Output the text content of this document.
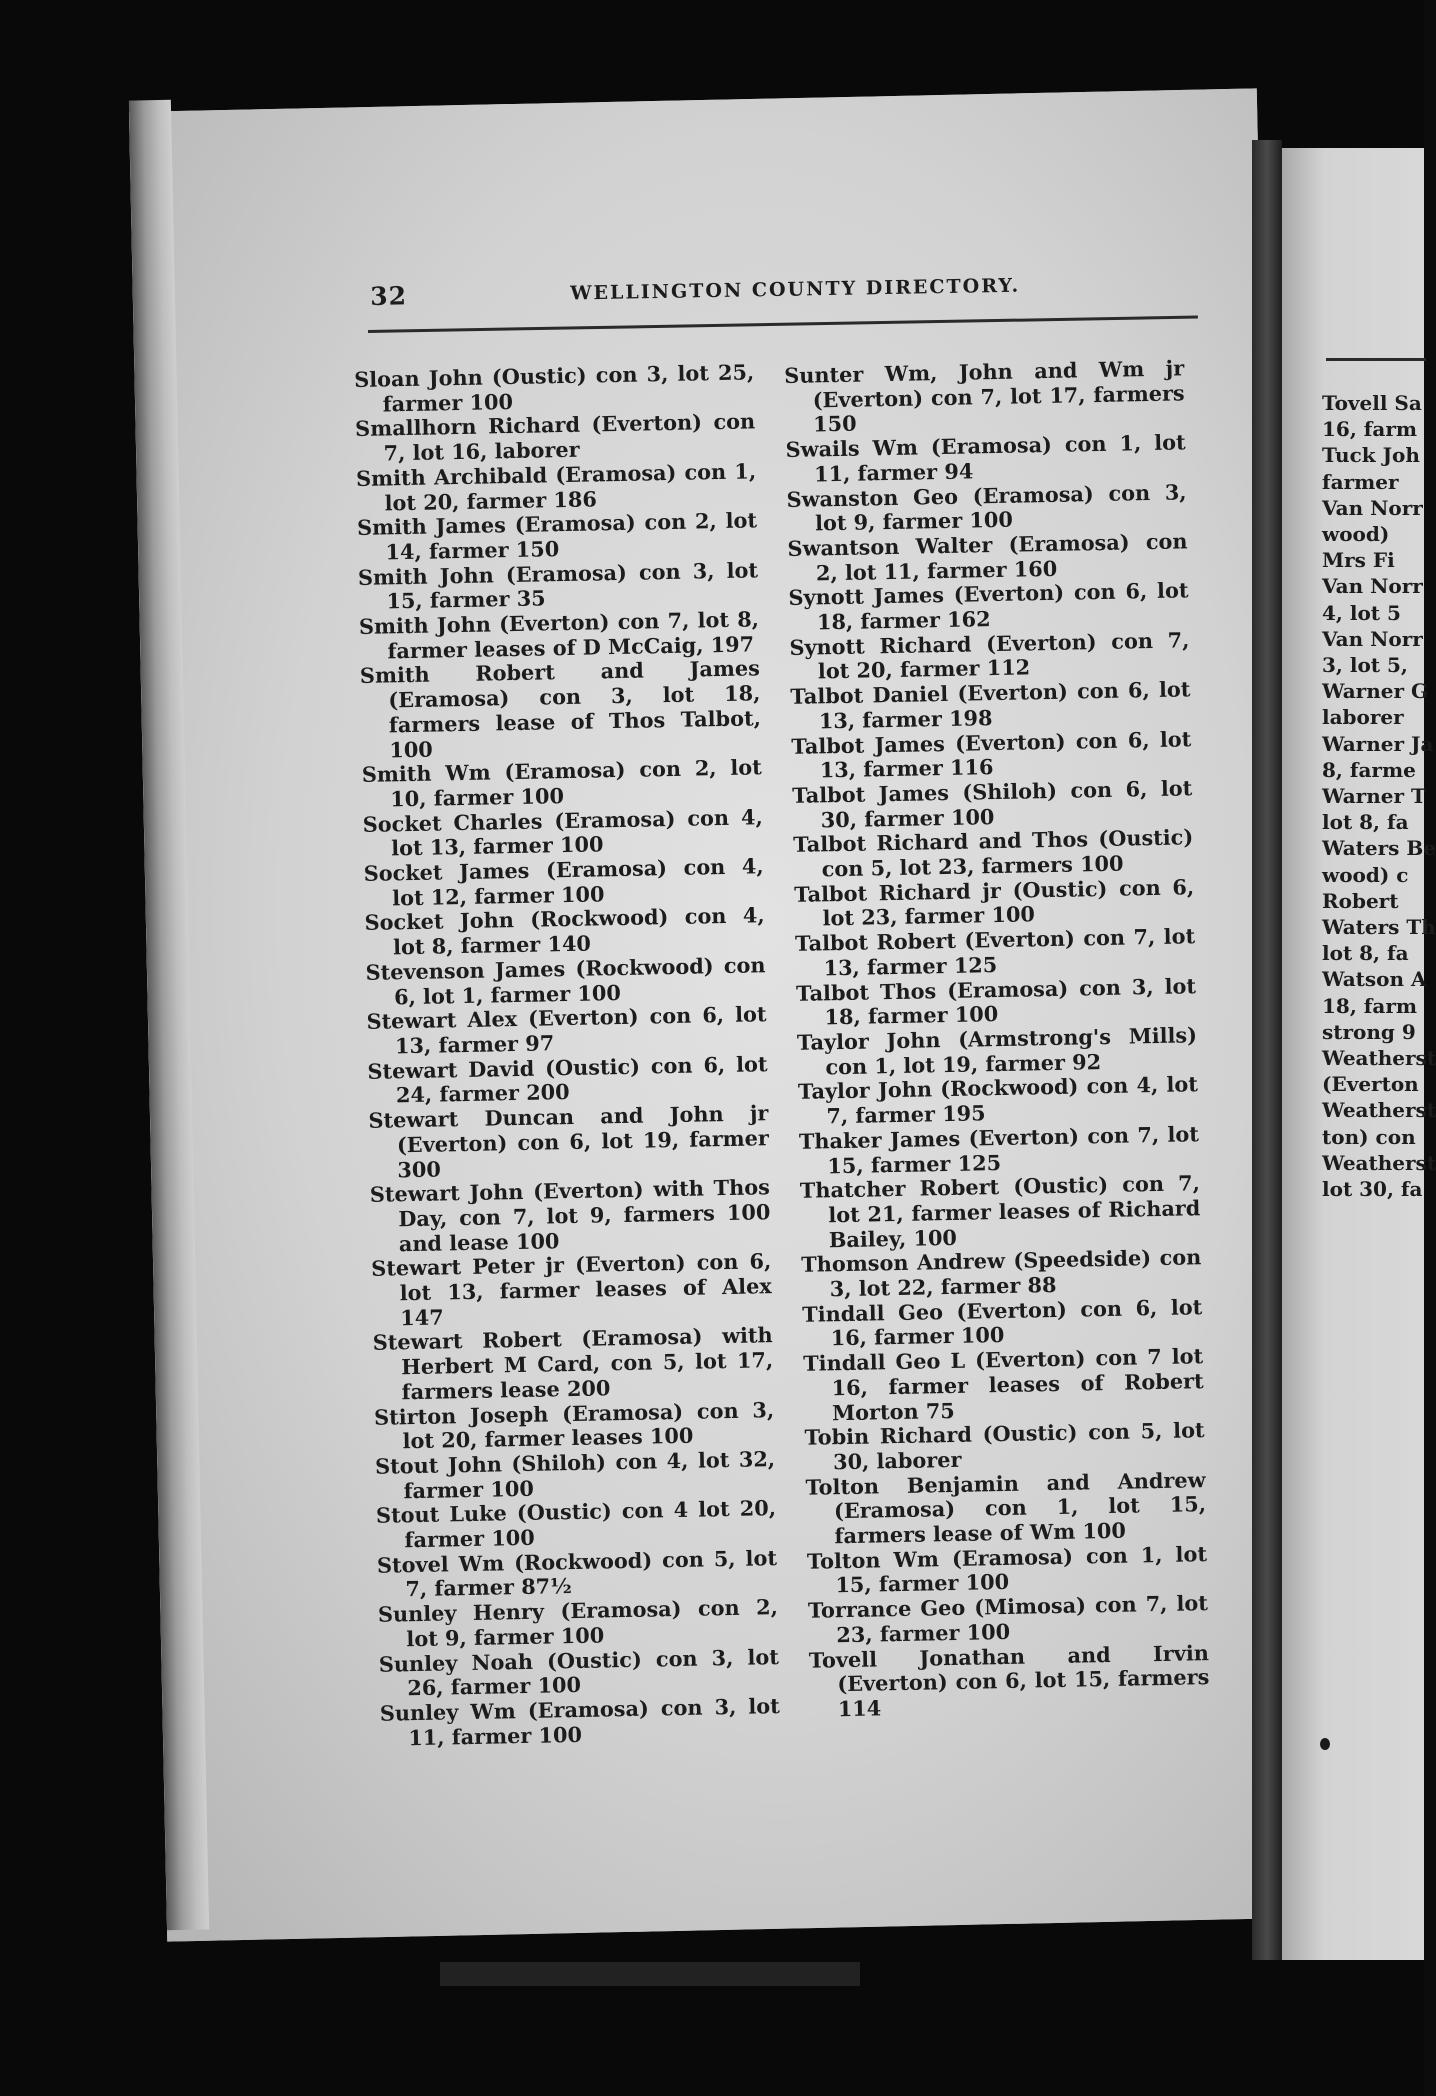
32	WELLINGTON COUNTY DIRECTORY.

Sloan John (Oustic) con 3, lot 25, farmer 100

Smallhorn Richard (Everton) con 7, lot 16, laborer

Smith Archibald (Eramosa) con 1, lot 20, farmer 186

Smith James (Eramosa) con 2, lot 14, farmer 150

Smith John (Eramosa) con 3, lot 15, farmer 35

Smith John (Everton) con 7, lot 8, farmer leases of D McCaig, 197

Smith Robert and James (Eramosa) con 3, lot 18, farmers lease of Thos Talbot, 100

Smith Wm (Eramosa) con 2, lot 10, farmer 100

Socket Charles (Eramosa) con 4, lot 13, farmer 100

Socket James (Eramosa) con 4, lot 12, farmer 100

Socket John (Rockwood) con 4, lot 8, farmer 140

Stevenson James (Rockwood) con 6, lot 1, farmer 100

Stewart Alex (Everton) con 6, lot 13, farmer 97

Stewart David (Oustic) con 6, lot 24, farmer 200

Stewart Duncan and John jr (Everton) con 6, lot 19, farmer 300

Stewart John (Everton) with Thos Day, con 7, lot 9, farmers 100 and lease 100

Stewart Peter jr (Everton) con 6, lot 13, farmer leases of Alex 147

Stewart Robert (Eramosa) with Herbert M Card, con 5, lot 17, farmers lease 200

Stirton Joseph (Eramosa) con 3, lot 20, farmer leases 100

Stout John (Shiloh) con 4, lot 32, farmer 100

Stout Luke (Oustic) con 4 lot 20, farmer 100

Stovel Wm (Rockwood) con 5, lot 7, farmer 87½

Sunley Henry (Eramosa) con 2, lot 9, farmer 100

Sunley Noah (Oustic) con 3, lot 26, farmer 100

Sunley Wm (Eramosa) con 3, lot 11, farmer 100

Sunter Wm, John and Wm jr (Everton) con 7, lot 17, farmers 150

Swails Wm (Eramosa) con 1, lot 11, farmer 94

Swanston Geo (Eramosa) con 3, lot 9, farmer 100

Swantson Walter (Eramosa) con 2, lot 11, farmer 160

Synott James (Everton) con 6, lot 18, farmer 162

Synott Richard (Everton) con 7, lot 20, farmer 112

Talbot Daniel (Everton) con 6, lot 13, farmer 198

Talbot James (Everton) con 6, lot 13, farmer 116

Talbot James (Shiloh) con 6, lot 30, farmer 100

Talbot Richard and Thos (Oustic) con 5, lot 23, farmers 100

Talbot Richard jr (Oustic) con 6, lot 23, farmer 100

Talbot Robert (Everton) con 7, lot 13, farmer 125

Talbot Thos (Eramosa) con 3, lot 18, farmer 100

Taylor John (Armstrong's Mills) con 1, lot 19, farmer 92

Taylor John (Rockwood) con 4, lot 7, farmer 195

Thaker James (Everton) con 7, lot 15, farmer 125

Thatcher Robert (Oustic) con 7, lot 21, farmer leases of Richard Bailey, 100

Thomson Andrew (Speedside) con 3, lot 22, farmer 88

Tindall Geo (Everton) con 6, lot 16, farmer 100

Tindall Geo L (Everton) con 7 lot 16, farmer leases of Robert Morton 75

Tobin Richard (Oustic) con 5, lot 30, laborer

Tolton Benjamin and Andrew (Eramosa) con 1, lot 15, farmers lease of Wm 100

Tolton Wm (Eramosa) con 1, lot 15, farmer 100

Torrance Geo (Mimosa) con 7, lot 23, farmer 100

Tovell Jonathan and Irvin (Everton) con 6, lot 15, farmers 114

Tovell Sa

16, farm

Tuck Joh

farmer

Van Norr

wood)

Mrs Fi

Van Norr

4, lot 5

Van Norr

3, lot 5,

Warner G

laborer

Warner Ja

8, farme

Warner T

lot 8, fa

Waters Be

wood) c

Robert

Waters Th

lot 8, fa

Watson A

18, farm

strong 9

Weatherst

(Everton

Weatherst

ton) con

Weatherst

lot 30, fa
